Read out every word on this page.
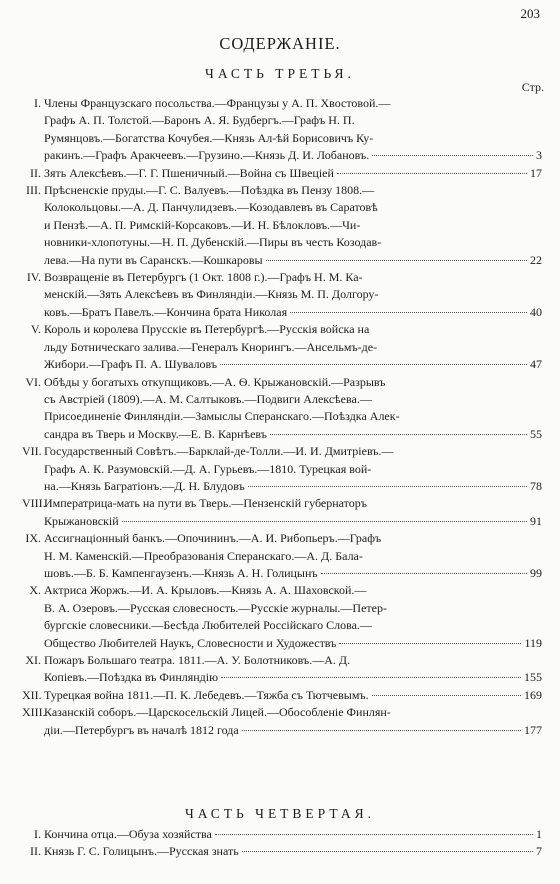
203
СОДЕРЖАНIЕ.
ЧАСТЬ ТРЕТЬЯ.
Стр.
I. Члены Французскаго посольства.—Французы у А. П. Хвостовой.—
Графъ А. П. Толстой.—Баронъ А. Я. Будбергъ.—Графъ Н. П.
Румянцовъ.—Богатства Кочубея.—Князь Ал-ѣй Борисовичъ Ку-
ракинъ.—Графъ Аракчеевъ.—Грузино.—Князь Д. И. Лобановъ.	3
II. Зять Алексѣевъ.—Г. Г. Пшеничный.—Война съ Швецiей	17
III. Прѣсненскiе пруды.—Г. С. Валуевъ.—Поѣздка въ Пензу 1808.—
Колокольцовы.—А. Д. Панчулидзевъ.—Козодавлевъ въ Саратовѣ
и Пензѣ.—А. П. Римскiй-Корсаковъ.—И. Н. Бѣлокловъ.—Чи-
новники-хлопотуны.—Н. П. Дубенскiй.—Пиры въ честь Козодав-
лева.—На пути въ Саранскъ.—Кошкаровы	22
IV. Возвращенiе въ Петербургъ (1 Окт. 1808 г.).—Графъ Н. М. Ка-
менскiй.—Зять Алексѣевъ въ Финляндiи.—Князь М. П. Долгору-
ковъ.—Братъ Павелъ.—Кончина брата Николая	40
V. Король и королева Прусскiе въ Петербургѣ.—Русскiя войска на
льду Ботническаго залива.—Генералъ Кнорингъ.—Ансельмъ-де-
Жибори.—Графъ П. А. Шуваловъ	47
VI. Обѣды у богатыхъ откупщиковъ.—А. Ѳ. Крыжановскiй.—Разрывъ
съ Австрiей (1809).—А. М. Салтыковъ.—Подвиги Алексѣева.—
Присоединенiе Финляндiи.—Замыслы Сперанскаго.—Поѣздка Алек-
сандра въ Тверь и Москву.—Е. В. Карнѣевъ	55
VII. Государственный Совѣтъ.—Барклай-де-Толли.—И. И. Дмитрiевъ.—
Графъ А. К. Разумовскiй.—Д. А. Гурьевъ.—1810. Турецкая вой-
на.—Князь Багратiонъ.—Д. Н. Блудовъ	78
VIII.
Императрица-мать на пути въ Тверь.—Пензенскiй губернаторъ
Крыжановскiй	91
IX. Ассигнацiонный банкъ.—Опочининъ.—А. И. Рибопьеръ.—Графъ
Н. М. Каменскiй.—Преобразованiя Сперанскаго.—А. Д. Бала-
шовъ.—Б. Б. Кампенгаузенъ.—Князь А. Н. Голицынъ	99
X. Актриса Жоржъ.—И. А. Крыловъ.—Князь А. А. Шаховской.—
В. А. Озеровъ.—Русская словесность.—Русскiе журналы.—Петер-
бургскiе словесники.—Бесѣда Любителей Россiйскаго Слова.—
Общество Любителей Наукъ, Словесности и Художествъ	119
XI. Пожаръ Большаго театра. 1811.—А. У. Болотниковъ.—А. Д.
Копiевъ.—Поѣздка въ Финляндiю	155
XII. Турецкая война 1811.—П. К. Лебедевъ.—Тяжба съ Тютчевымъ.	169
XIII.
Казанскiй соборъ.—Царскосельскiй Лицей.—Обособленiе Финлян-
дiи.—Петербургъ въ началѣ 1812 года	177
ЧАСТЬ ЧЕТВЕРТАЯ.
I. Кончина отца.—Обуза хозяйства	1
II. Князь Г. С. Голицынъ.—Русская знать	7
